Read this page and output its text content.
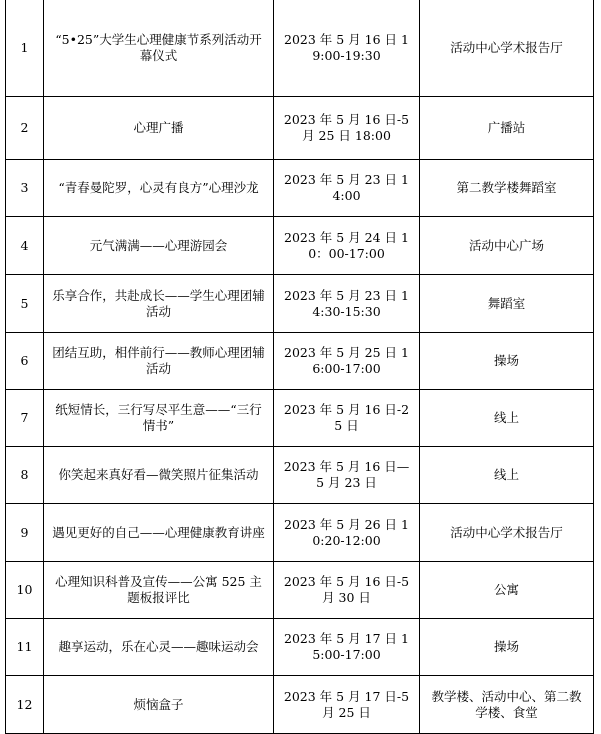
1	“5•25”大学生心理健康节系列活动开幕仪式	2023 年 5 月 16 日 19:00-19:30	活动中心学术报告厅
2	心理广播	2023 年 5 月 16 日-5 月 25 日 18:00	广播站
3	“青春曼陀罗，心灵有良方”心理沙龙	2023 年 5 月 23 日 14:00	第二教学楼舞蹈室
4	元气满满——心理游园会	2023 年 5 月 24 日 10：00-17:00	活动中心广场
5	乐享合作，共赴成长——学生心理团辅活动	2023 年 5 月 23 日 14:30-15:30	舞蹈室
6	团结互助，相伴前行——教师心理团辅活动	2023 年 5 月 25 日 16:00-17:00	操场
7	纸短情长，三行写尽平生意——“三行情书”	2023 年 5 月 16 日-25 日	线上
8	你笑起来真好看—微笑照片征集活动	2023 年 5 月 16 日—5 月 23 日	线上
9	遇见更好的自己——心理健康教育讲座	2023 年 5 月 26 日 10:20-12:00	活动中心学术报告厅
10	心理知识科普及宣传——公寓 525 主题板报评比	2023 年 5 月 16 日-5 月 30 日	公寓
11	趣享运动，乐在心灵——趣味运动会	2023 年 5 月 17 日 15:00-17:00	操场
12	烦恼盒子	2023 年 5 月 17 日-5 月 25 日	教学楼、活动中心、第二教学楼、食堂
